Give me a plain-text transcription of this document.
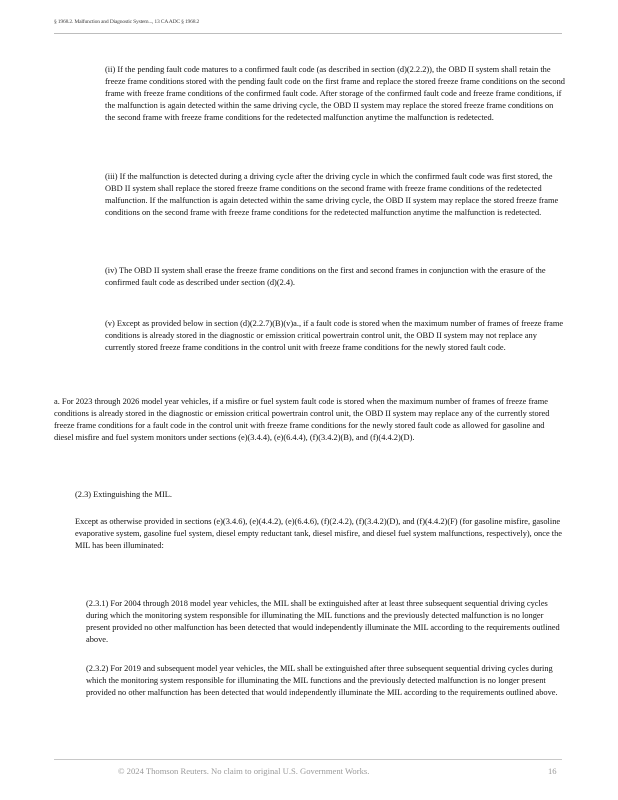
§ 1968.2. Malfunction and Diagnostic System..., 13 CA ADC § 1968.2

(ii) If the pending fault code matures to a confirmed fault code (as described in section (d)(2.2.2)), the OBD II system shall retain the freeze frame conditions stored with the pending fault code on the first frame and replace the stored freeze frame conditions on the second frame with freeze frame conditions of the confirmed fault code. After storage of the confirmed fault code and freeze frame conditions, if the malfunction is again detected within the same driving cycle, the OBD II system may replace the stored freeze frame conditions on the second frame with freeze frame conditions for the redetected malfunction anytime the malfunction is redetected.

(iii) If the malfunction is detected during a driving cycle after the driving cycle in which the confirmed fault code was first stored, the OBD II system shall replace the stored freeze frame conditions on the second frame with freeze frame conditions of the redetected malfunction. If the malfunction is again detected within the same driving cycle, the OBD II system may replace the stored freeze frame conditions on the second frame with freeze frame conditions for the redetected malfunction anytime the malfunction is redetected.

(iv) The OBD II system shall erase the freeze frame conditions on the first and second frames in conjunction with the erasure of the confirmed fault code as described under section (d)(2.4).

(v) Except as provided below in section (d)(2.2.7)(B)(v)a., if a fault code is stored when the maximum number of frames of freeze frame conditions is already stored in the diagnostic or emission critical powertrain control unit, the OBD II system may not replace any currently stored freeze frame conditions in the control unit with freeze frame conditions for the newly stored fault code.

a. For 2023 through 2026 model year vehicles, if a misfire or fuel system fault code is stored when the maximum number of frames of freeze frame conditions is already stored in the diagnostic or emission critical powertrain control unit, the OBD II system may replace any of the currently stored freeze frame conditions for a fault code in the control unit with freeze frame conditions for the newly stored fault code as allowed for gasoline and diesel misfire and fuel system monitors under sections (e)(3.4.4), (e)(6.4.4), (f)(3.4.2)(B), and (f)(4.4.2)(D).

(2.3) Extinguishing the MIL.

Except as otherwise provided in sections (e)(3.4.6), (e)(4.4.2), (e)(6.4.6), (f)(2.4.2), (f)(3.4.2)(D), and (f)(4.4.2)(F) (for gasoline misfire, gasoline evaporative system, gasoline fuel system, diesel empty reductant tank, diesel misfire, and diesel fuel system malfunctions, respectively), once the MIL has been illuminated:

(2.3.1) For 2004 through 2018 model year vehicles, the MIL shall be extinguished after at least three subsequent sequential driving cycles during which the monitoring system responsible for illuminating the MIL functions and the previously detected malfunction is no longer present provided no other malfunction has been detected that would independently illuminate the MIL according to the requirements outlined above.

(2.3.2) For 2019 and subsequent model year vehicles, the MIL shall be extinguished after three subsequent sequential driving cycles during which the monitoring system responsible for illuminating the MIL functions and the previously detected malfunction is no longer present provided no other malfunction has been detected that would independently illuminate the MIL according to the requirements outlined above.

© 2024 Thomson Reuters. No claim to original U.S. Government Works.	16
